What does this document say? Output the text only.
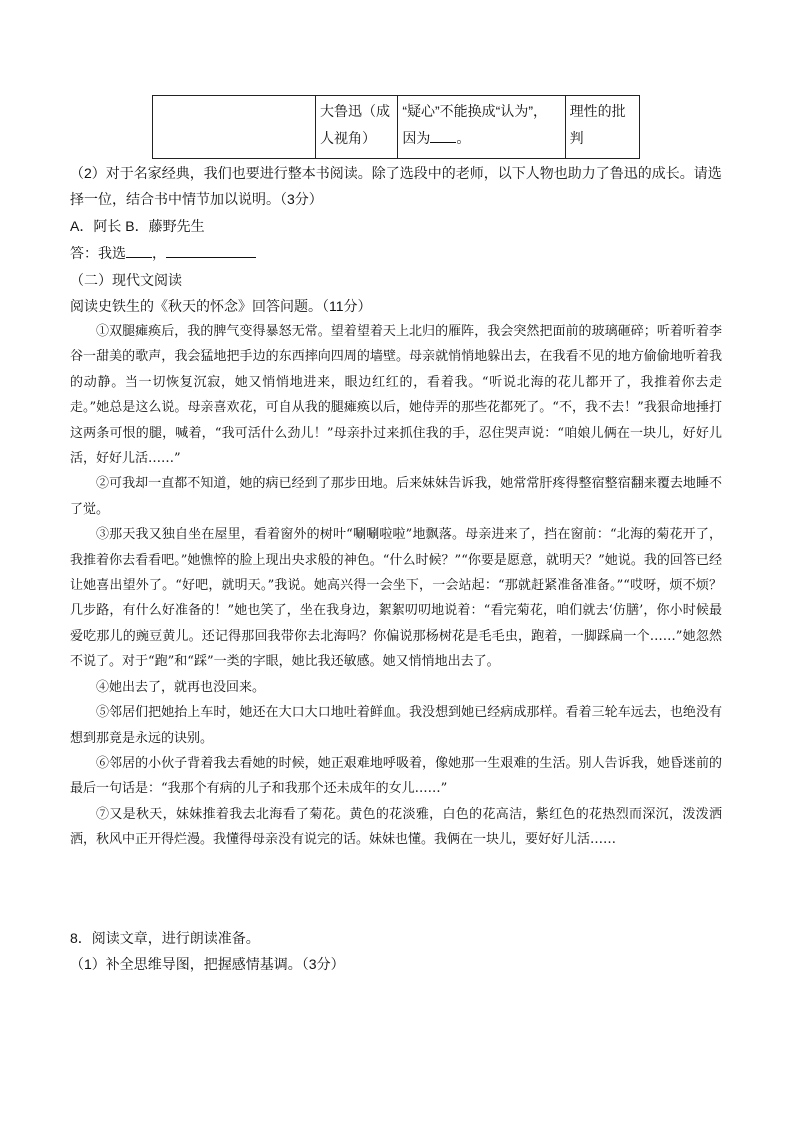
	大鲁迅（成人视角）	“疑心”不能换成“认为”，因为 。	理性的批判
（2）对于名家经典，我们也要进行整本书阅读。除了选段中的老师，以下人物也助力了鲁迅的成长。请选
择一位，结合书中情节加以说明。（3分）
A．阿长 B．藤野先生
答：我选 ，
（二）现代文阅读
阅读史铁生的《秋天的怀念》回答问题。（11分）

①双腿瘫痪后，我的脾气变得暴怒无常。望着望着天上北归的雁阵，我会突然把面前的玻璃砸碎；听着听着李谷一甜美的歌声，我会猛地把手边的东西摔向四周的墙壁。母亲就悄悄地躲出去，在我看不见的地方偷偷地听着我的动静。当一切恢复沉寂，她又悄悄地进来，眼边红红的，看着我。“听说北海的花儿都开了，我推着你去走走。”她总是这么说。母亲喜欢花，可自从我的腿瘫痪以后，她侍弄的那些花都死了。“不，我不去！”我狠命地捶打这两条可恨的腿，喊着，“我可活什么劲儿！”母亲扑过来抓住我的手，忍住哭声说：“咱娘儿俩在一块儿，好好儿活，好好儿活……”

②可我却一直都不知道，她的病已经到了那步田地。后来妹妹告诉我，她常常肝疼得整宿整宿翻来覆去地睡不了觉。

③那天我又独自坐在屋里，看着窗外的树叶“唰唰啦啦”地飘落。母亲进来了，挡在窗前：“北海的菊花开了，我推着你去看看吧。”她憔悴的脸上现出央求般的神色。“什么时候？”“你要是愿意，就明天？”她说。我的回答已经让她喜出望外了。“好吧，就明天。”我说。她高兴得一会坐下，一会站起：“那就赶紧准备准备。”“哎呀，烦不烦？几步路，有什么好准备的！”她也笑了，坐在我身边，絮絮叨叨地说着：“看完菊花，咱们就去‘仿膳’，你小时候最爱吃那儿的豌豆黄儿。还记得那回我带你去北海吗？你偏说那杨树花是毛毛虫，跑着，一脚踩扁一个……”她忽然不说了。对于“跑”和“踩”一类的字眼，她比我还敏感。她又悄悄地出去了。

④她出去了，就再也没回来。

⑤邻居们把她抬上车时，她还在大口大口地吐着鲜血。我没想到她已经病成那样。看着三轮车远去，也绝没有想到那竟是永远的诀别。

⑥邻居的小伙子背着我去看她的时候，她正艰难地呼吸着，像她那一生艰难的生活。别人告诉我，她昏迷前的最后一句话是：“我那个有病的儿子和我那个还未成年的女儿……”

⑦又是秋天，妹妹推着我去北海看了菊花。黄色的花淡雅，白色的花高洁，紫红色的花热烈而深沉，泼泼洒洒，秋风中正开得烂漫。我懂得母亲没有说完的话。妹妹也懂。我俩在一块儿，要好好儿活……

8．阅读文章，进行朗读准备。
（1）补全思维导图，把握感情基调。（3分）
